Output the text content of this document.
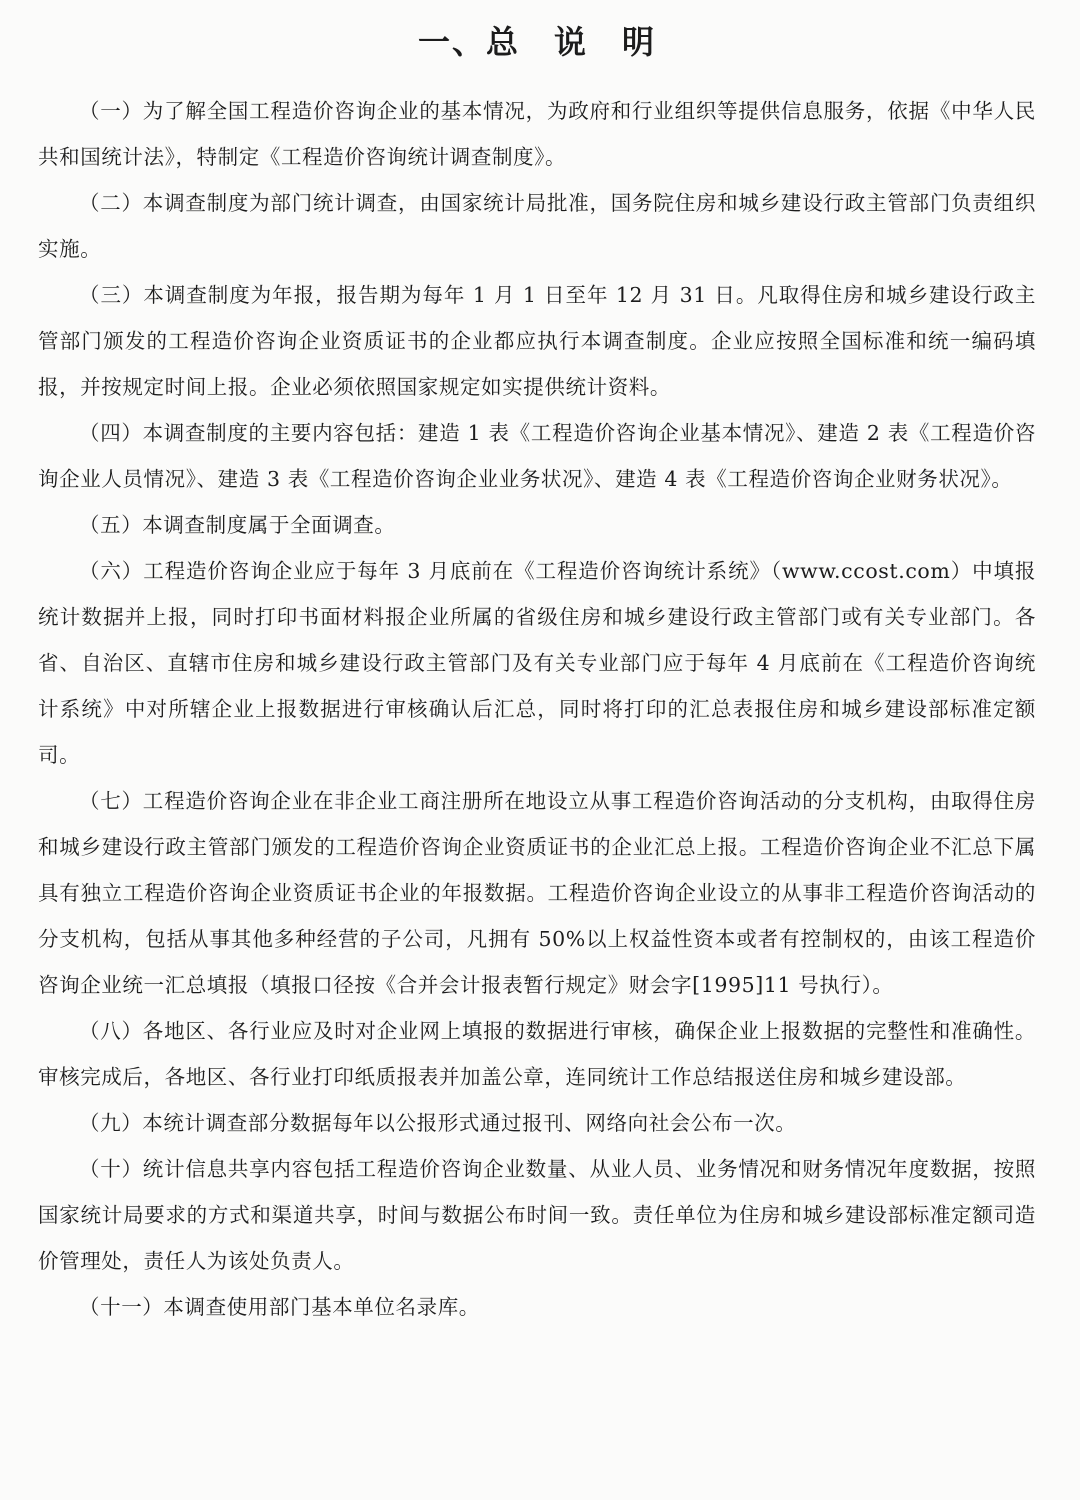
一、总　说　明

（一）为了解全国工程造价咨询企业的基本情况，为政府和行业组织等提供信息服务，依据《中华人民共和国统计法》，特制定《工程造价咨询统计调查制度》。

（二）本调查制度为部门统计调查，由国家统计局批准，国务院住房和城乡建设行政主管部门负责组织实施。

（三）本调查制度为年报，报告期为每年 1 月 1 日至年 12 月 31 日。凡取得住房和城乡建设行政主管部门颁发的工程造价咨询企业资质证书的企业都应执行本调查制度。企业应按照全国标准和统一编码填报，并按规定时间上报。企业必须依照国家规定如实提供统计资料。

（四）本调查制度的主要内容包括：建造 1 表《工程造价咨询企业基本情况》、建造 2 表《工程造价咨询企业人员情况》、建造 3 表《工程造价咨询企业业务状况》、建造 4 表《工程造价咨询企业财务状况》。

（五）本调查制度属于全面调查。

（六）工程造价咨询企业应于每年 3 月底前在《工程造价咨询统计系统》（www.ccost.com）中填报统计数据并上报，同时打印书面材料报企业所属的省级住房和城乡建设行政主管部门或有关专业部门。各省、自治区、直辖市住房和城乡建设行政主管部门及有关专业部门应于每年 4 月底前在《工程造价咨询统计系统》中对所辖企业上报数据进行审核确认后汇总，同时将打印的汇总表报住房和城乡建设部标准定额司。

（七）工程造价咨询企业在非企业工商注册所在地设立从事工程造价咨询活动的分支机构，由取得住房和城乡建设行政主管部门颁发的工程造价咨询企业资质证书的企业汇总上报。工程造价咨询企业不汇总下属具有独立工程造价咨询企业资质证书企业的年报数据。工程造价咨询企业设立的从事非工程造价咨询活动的分支机构，包括从事其他多种经营的子公司，凡拥有 50%以上权益性资本或者有控制权的，由该工程造价咨询企业统一汇总填报（填报口径按《合并会计报表暂行规定》财会字[1995]11 号执行）。

（八）各地区、各行业应及时对企业网上填报的数据进行审核，确保企业上报数据的完整性和准确性。审核完成后，各地区、各行业打印纸质报表并加盖公章，连同统计工作总结报送住房和城乡建设部。

（九）本统计调查部分数据每年以公报形式通过报刊、网络向社会公布一次。

（十）统计信息共享内容包括工程造价咨询企业数量、从业人员、业务情况和财务情况年度数据，按照国家统计局要求的方式和渠道共享，时间与数据公布时间一致。责任单位为住房和城乡建设部标准定额司造价管理处，责任人为该处负责人。

（十一）本调查使用部门基本单位名录库。
